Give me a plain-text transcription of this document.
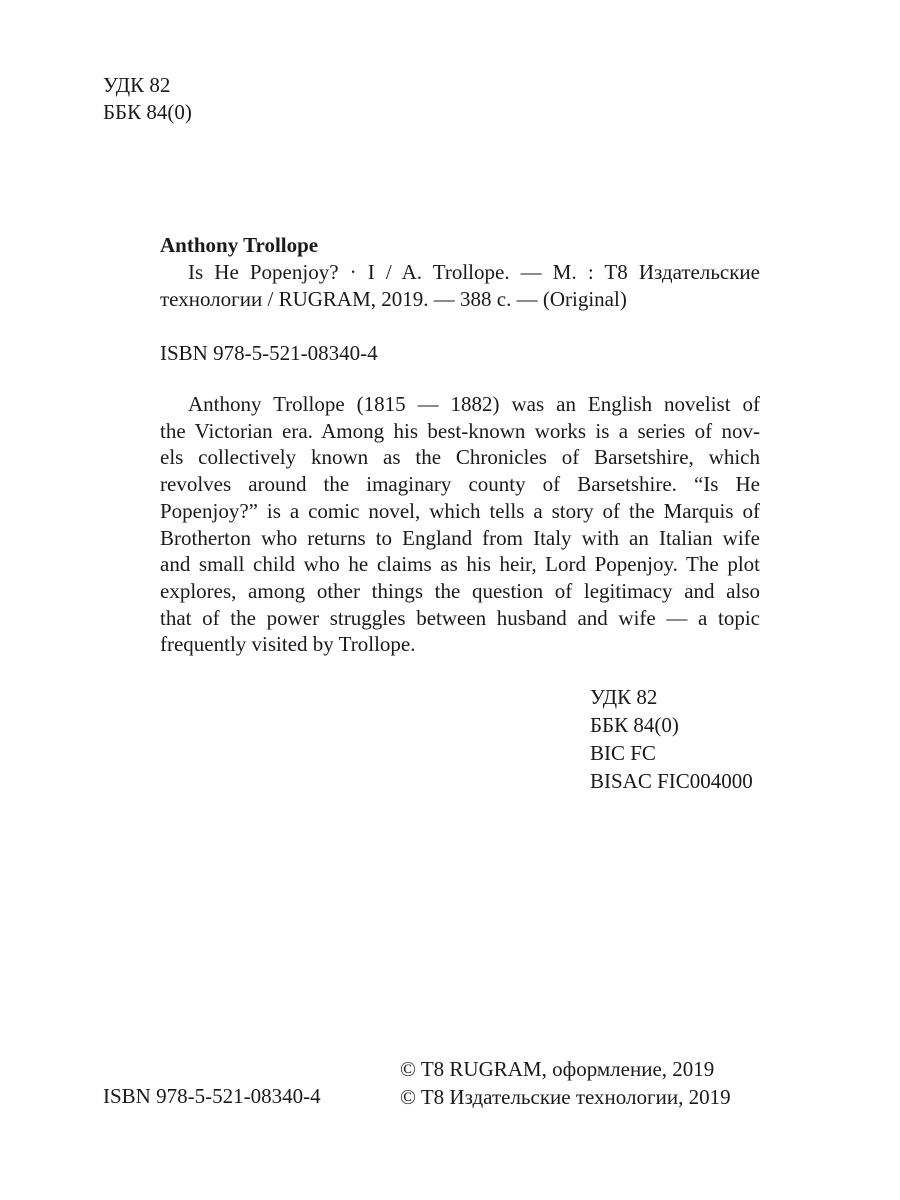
УДК 82
ББК 84(0)
Anthony Trollope
Is He Popenjoy? · I / A. Trollope. — M. : T8 Издательские
технологии / RUGRAM, 2019. — 388 с. — (Original)
ISBN 978-5-521-08340-4
Anthony Trollope (1815 — 1882) was an English novelist of
the Victorian era. Among his best-known works is a series of nov-
els collectively known as the Chronicles of Barsetshire, which
revolves around the imaginary county of Barsetshire. “Is He
Popenjoy?” is a comic novel, which tells a story of the Marquis of
Brotherton who returns to England from Italy with an Italian wife
and small child who he claims as his heir, Lord Popenjoy. The plot
explores, among other things the question of legitimacy and also
that of the power struggles between husband and wife — a topic
frequently visited by Trollope.
УДК 82
ББК 84(0)
BIC FC
BISAC FIC004000
© T8 RUGRAM, оформление, 2019
© T8 Издательские технологии, 2019
ISBN 978-5-521-08340-4
